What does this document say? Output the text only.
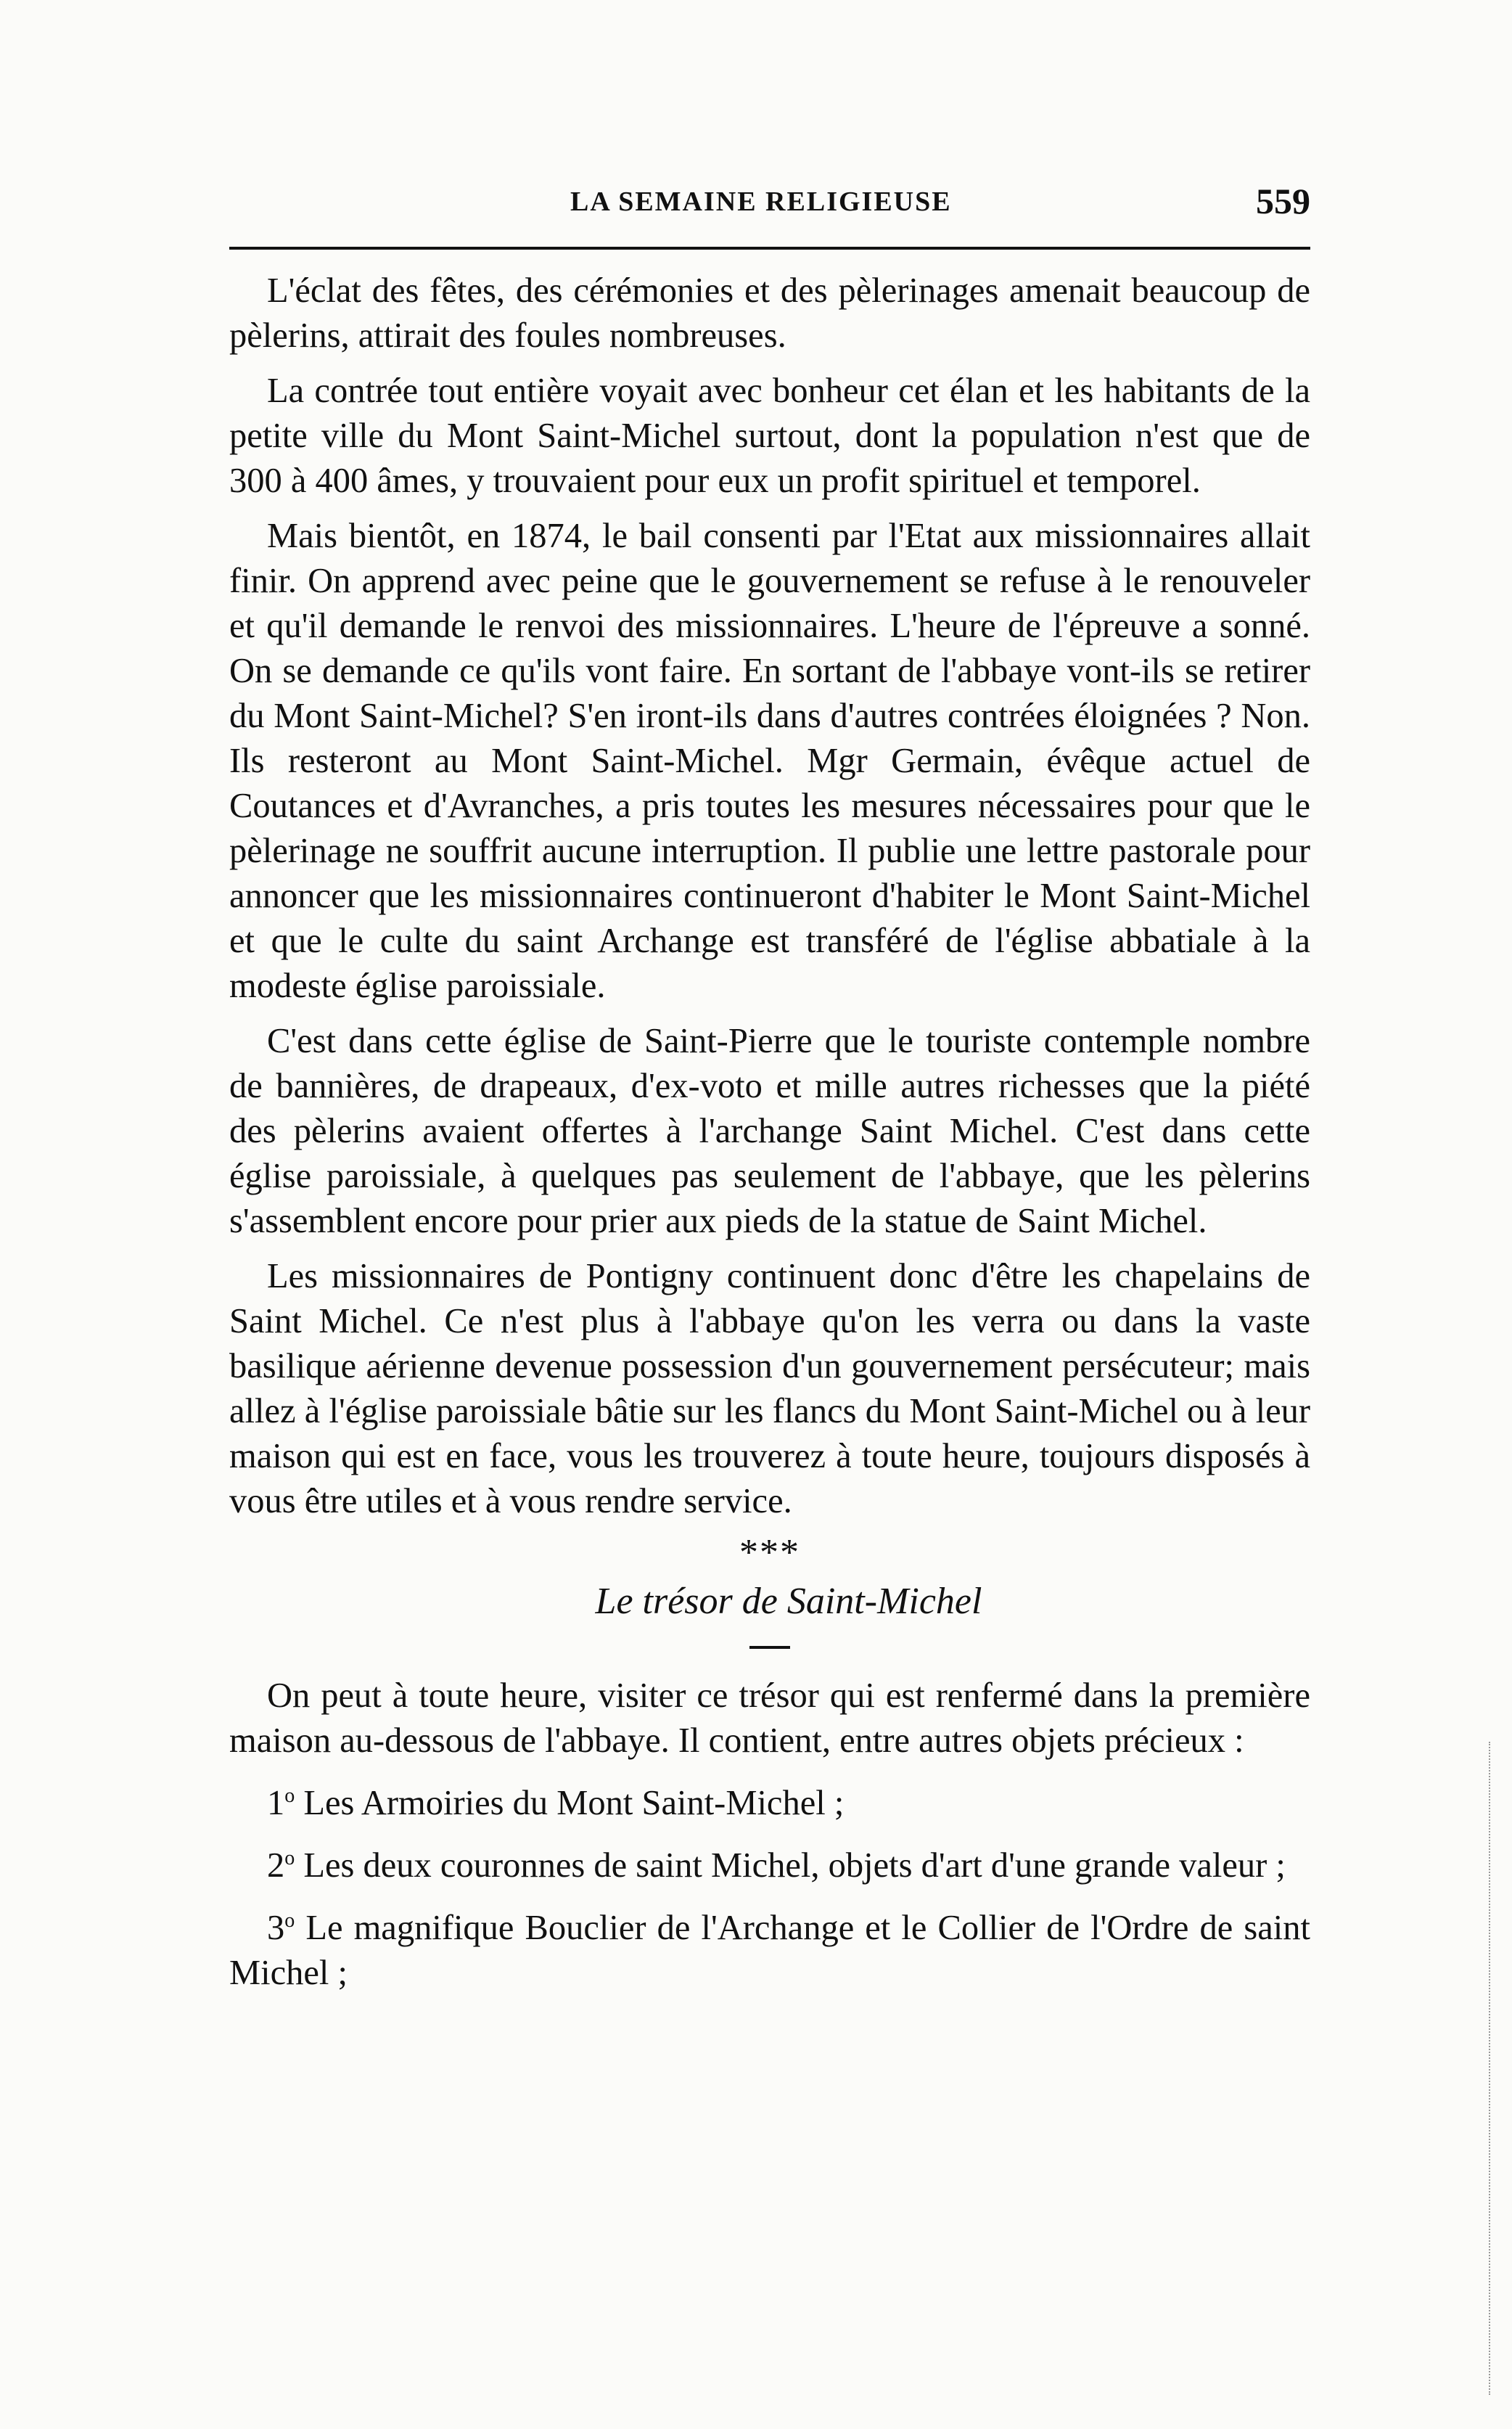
LA SEMAINE RELIGIEUSE	559

L'éclat des fêtes, des cérémonies et des pèlerinages amenait beaucoup de pèlerins, attirait des foules nombreuses.

La contrée tout entière voyait avec bonheur cet élan et les habitants de la petite ville du Mont Saint-Michel surtout, dont la population n'est que de 300 à 400 âmes, y trouvaient pour eux un profit spirituel et temporel.

Mais bientôt, en 1874, le bail consenti par l'Etat aux missionnaires allait finir. On apprend avec peine que le gouvernement se refuse à le renouveler et qu'il demande le renvoi des missionnaires. L'heure de l'épreuve a sonné. On se demande ce qu'ils vont faire. En sortant de l'abbaye vont-ils se retirer du Mont Saint-Michel? S'en iront-ils dans d'autres contrées éloignées ? Non. Ils resteront au Mont Saint-Michel. Mgr Germain, évêque actuel de Coutances et d'Avranches, a pris toutes les mesures nécessaires pour que le pèlerinage ne souffrit aucune interruption. Il publie une lettre pastorale pour annoncer que les missionnaires continueront d'habiter le Mont Saint-Michel et que le culte du saint Archange est transféré de l'église abbatiale à la modeste église paroissiale.

C'est dans cette église de Saint-Pierre que le touriste contemple nombre de bannières, de drapeaux, d'ex-voto et mille autres richesses que la piété des pèlerins avaient offertes à l'archange Saint Michel. C'est dans cette église paroissiale, à quelques pas seulement de l'abbaye, que les pèlerins s'assemblent encore pour prier aux pieds de la statue de Saint Michel.

Les missionnaires de Pontigny continuent donc d'être les chapelains de Saint Michel. Ce n'est plus à l'abbaye qu'on les verra ou dans la vaste basilique aérienne devenue possession d'un gouvernement persécuteur; mais allez à l'église paroissiale bâtie sur les flancs du Mont Saint-Michel ou à leur maison qui est en face, vous les trouverez à toute heure, toujours disposés à vous être utiles et à vous rendre service.

***

Le trésor de Saint-Michel

On peut à toute heure, visiter ce trésor qui est renfermé dans la première maison au-dessous de l'abbaye. Il contient, entre autres objets précieux :

1$^o$ Les Armoiries du Mont Saint-Michel ;

2$^o$ Les deux couronnes de saint Michel, objets d'art d'une grande valeur ;

3$^o$ Le magnifique Bouclier de l'Archange et le Collier de l'Ordre de saint Michel ;
